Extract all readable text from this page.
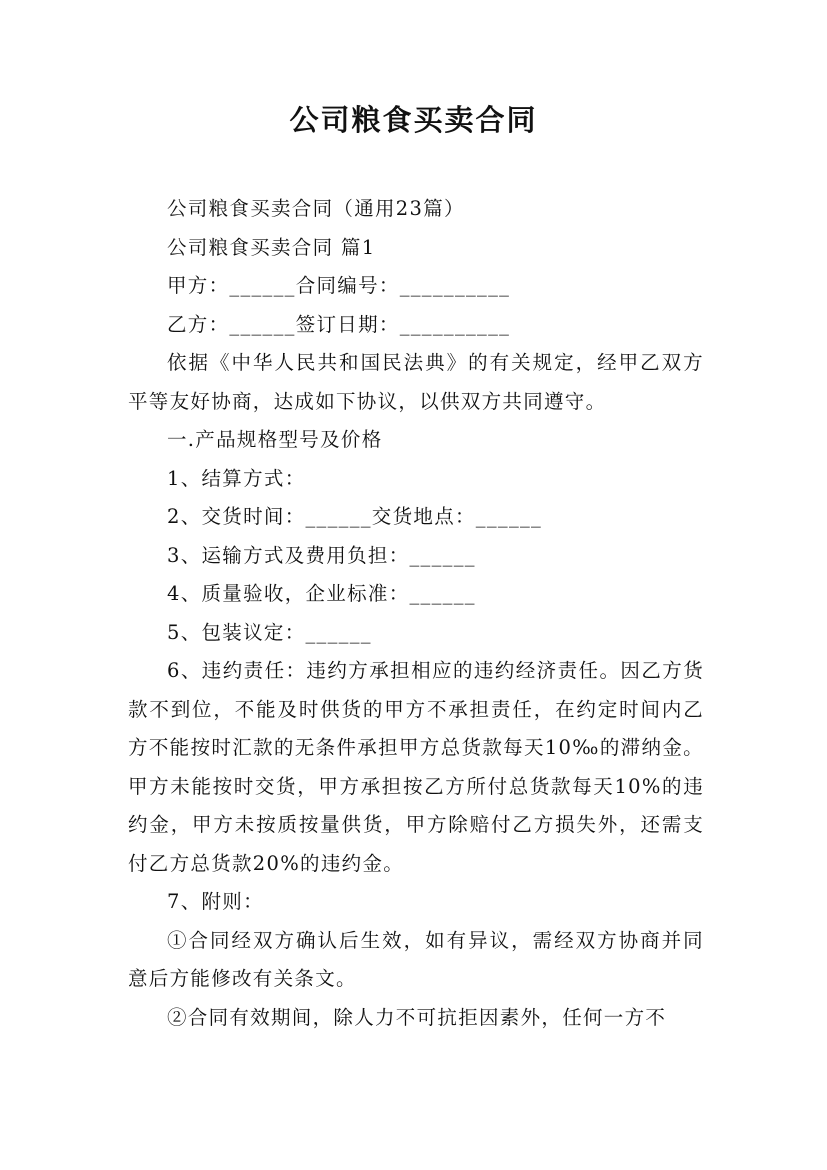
公司粮食买卖合同

公司粮食买卖合同（通用23篇）

公司粮食买卖合同 篇1

甲方：______合同编号：__________

乙方：______签订日期：__________

依据《中华人民共和国民法典》的有关规定，经甲乙双方平等友好协商，达成如下协议，以供双方共同遵守。

一.产品规格型号及价格

1、结算方式：

2、交货时间：______交货地点：______

3、运输方式及费用负担：______

4、质量验收，企业标准：______

5、包装议定：______

6、违约责任：违约方承担相应的违约经济责任。因乙方货款不到位，不能及时供货的甲方不承担责任，在约定时间内乙方不能按时汇款的无条件承担甲方总货款每天10‰的滞纳金。甲方未能按时交货，甲方承担按乙方所付总货款每天10%的违约金，甲方未按质按量供货，甲方除赔付乙方损失外，还需支付乙方总货款20%的违约金。

7、附则：

①合同经双方确认后生效，如有异议，需经双方协商并同意后方能修改有关条文。

②合同有效期间，除人力不可抗拒因素外，任何一方不
